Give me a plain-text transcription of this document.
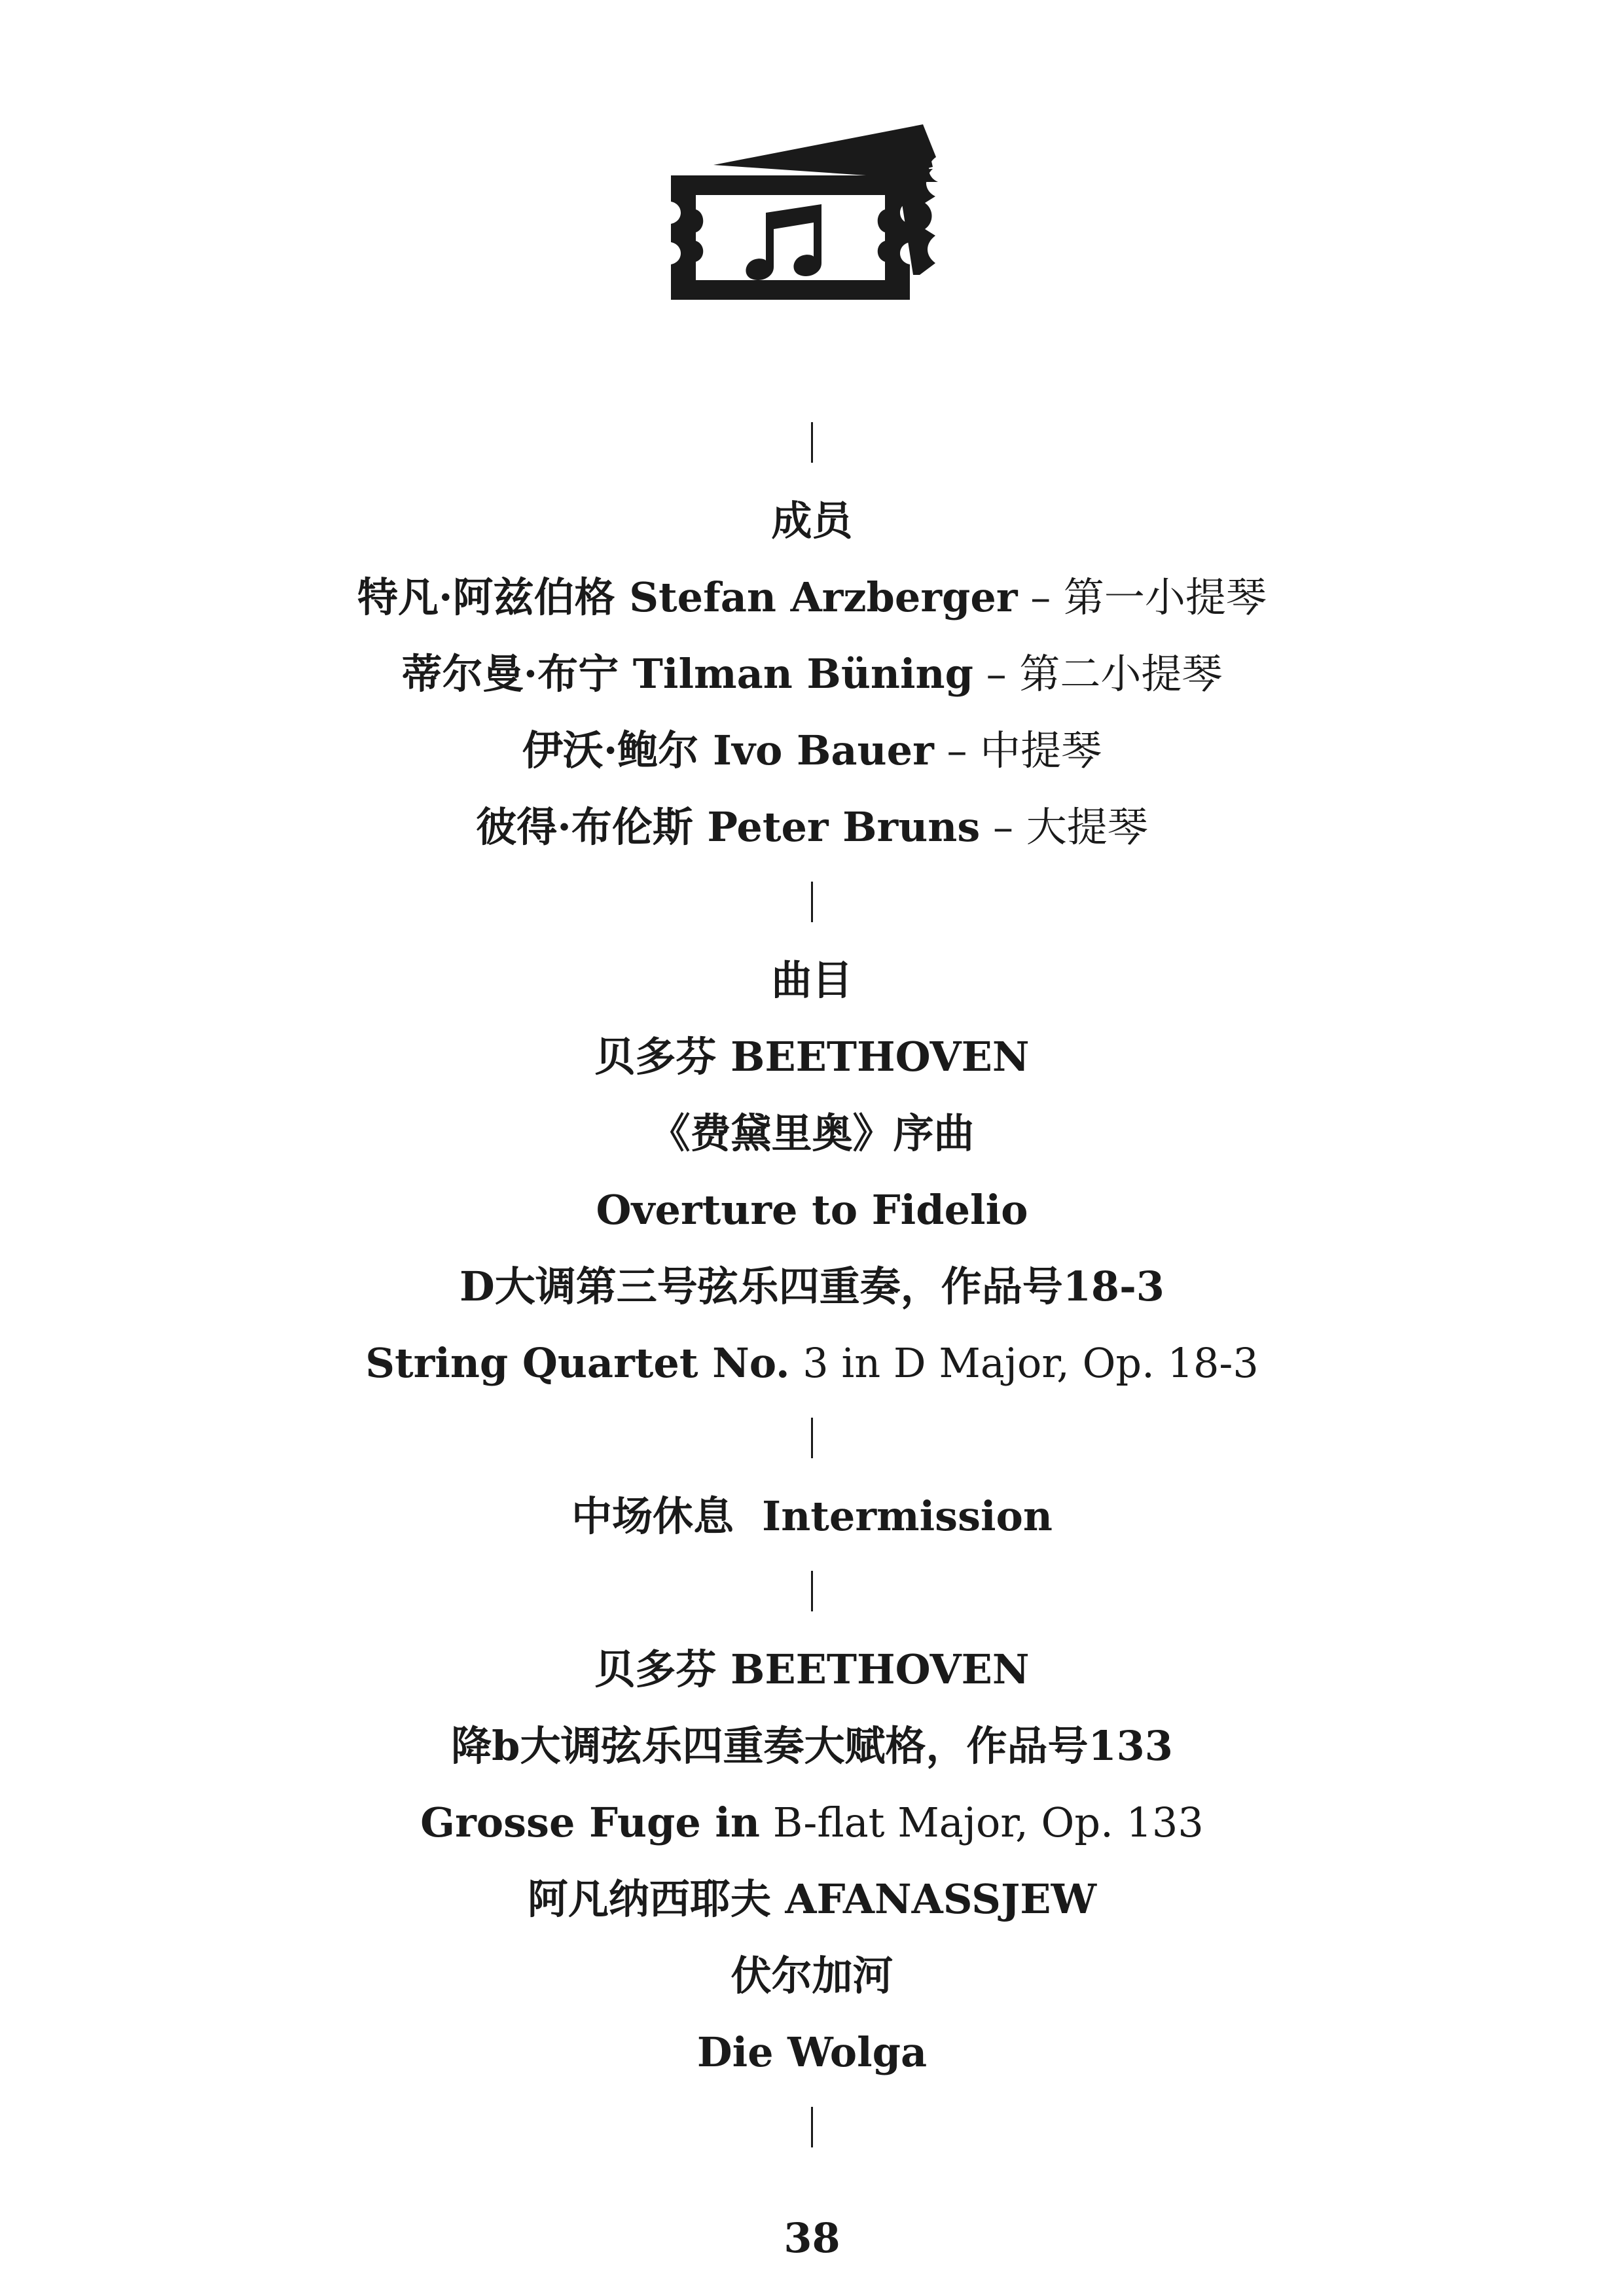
成员
特凡·阿兹伯格 Stefan Arzberger – 第一小提琴
蒂尔曼·布宁 Tilman Büning – 第二小提琴
伊沃·鲍尔 Ivo Bauer – 中提琴
彼得·布伦斯 Peter Bruns – 大提琴
曲目
贝多芬 BEETHOVEN
《费黛里奥》序曲
Overture to Fidelio
D大调第三号弦乐四重奏，作品号18-3
String Quartet No. 3 in D Major, Op. 18-3
中场休息  Intermission
贝多芬 BEETHOVEN
降b大调弦乐四重奏大赋格，作品号133
Grosse Fuge in B-flat Major, Op. 133
阿凡纳西耶夫 AFANASSJEW
伏尔加河
Die Wolga
38
